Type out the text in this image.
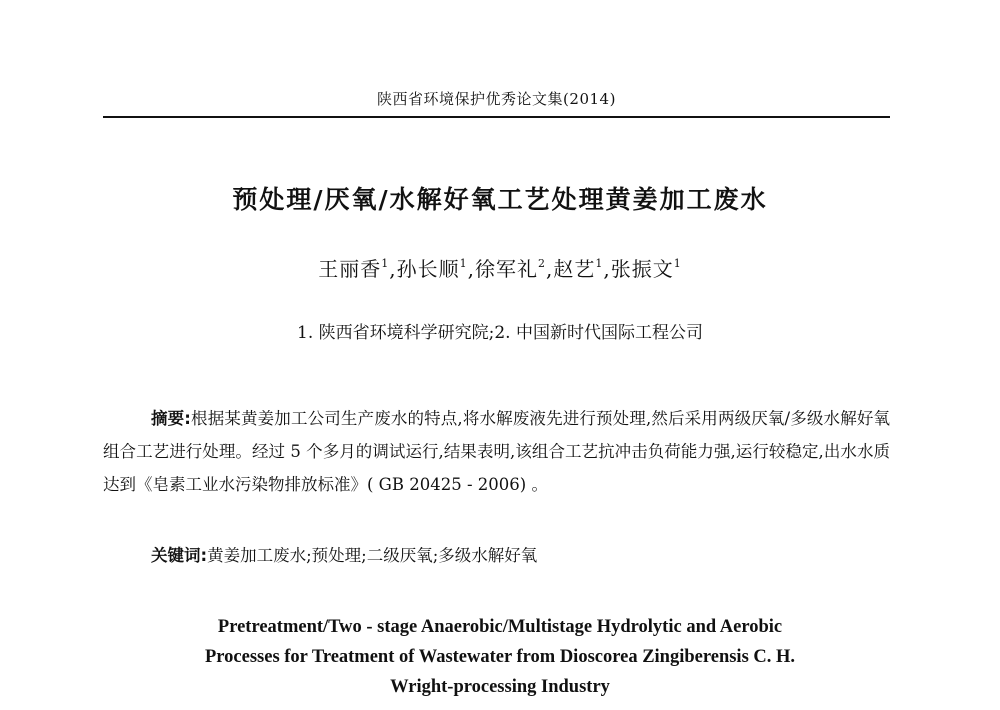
陕西省环境保护优秀论文集(2014)
预处理/厌氧/水解好氧工艺处理黄姜加工废水
王丽香$^1$,孙长顺$^1$,徐军礼$^2$,赵艺$^1$,张振文$^1$
1. 陕西省环境科学研究院;2. 中国新时代国际工程公司

摘要:根据某黄姜加工公司生产废水的特点,将水解废液先进行预处理,然后采用两级厌氧/多级水解好氧组合工艺进行处理。经过 5 个多月的调试运行,结果表明,该组合工艺抗冲击负荷能力强,运行较稳定,出水水质达到《皂素工业水污染物排放标准》( GB 20425 - 2006) 。

关键词:黄姜加工废水;预处理;二级厌氧;多级水解好氧

Pretreatment/Two - stage Anaerobic/Multistage Hydrolytic and Aerobic
Processes for Treatment of Wastewater from Dioscorea Zingiberensis C. H.
Wright-processing Industry
